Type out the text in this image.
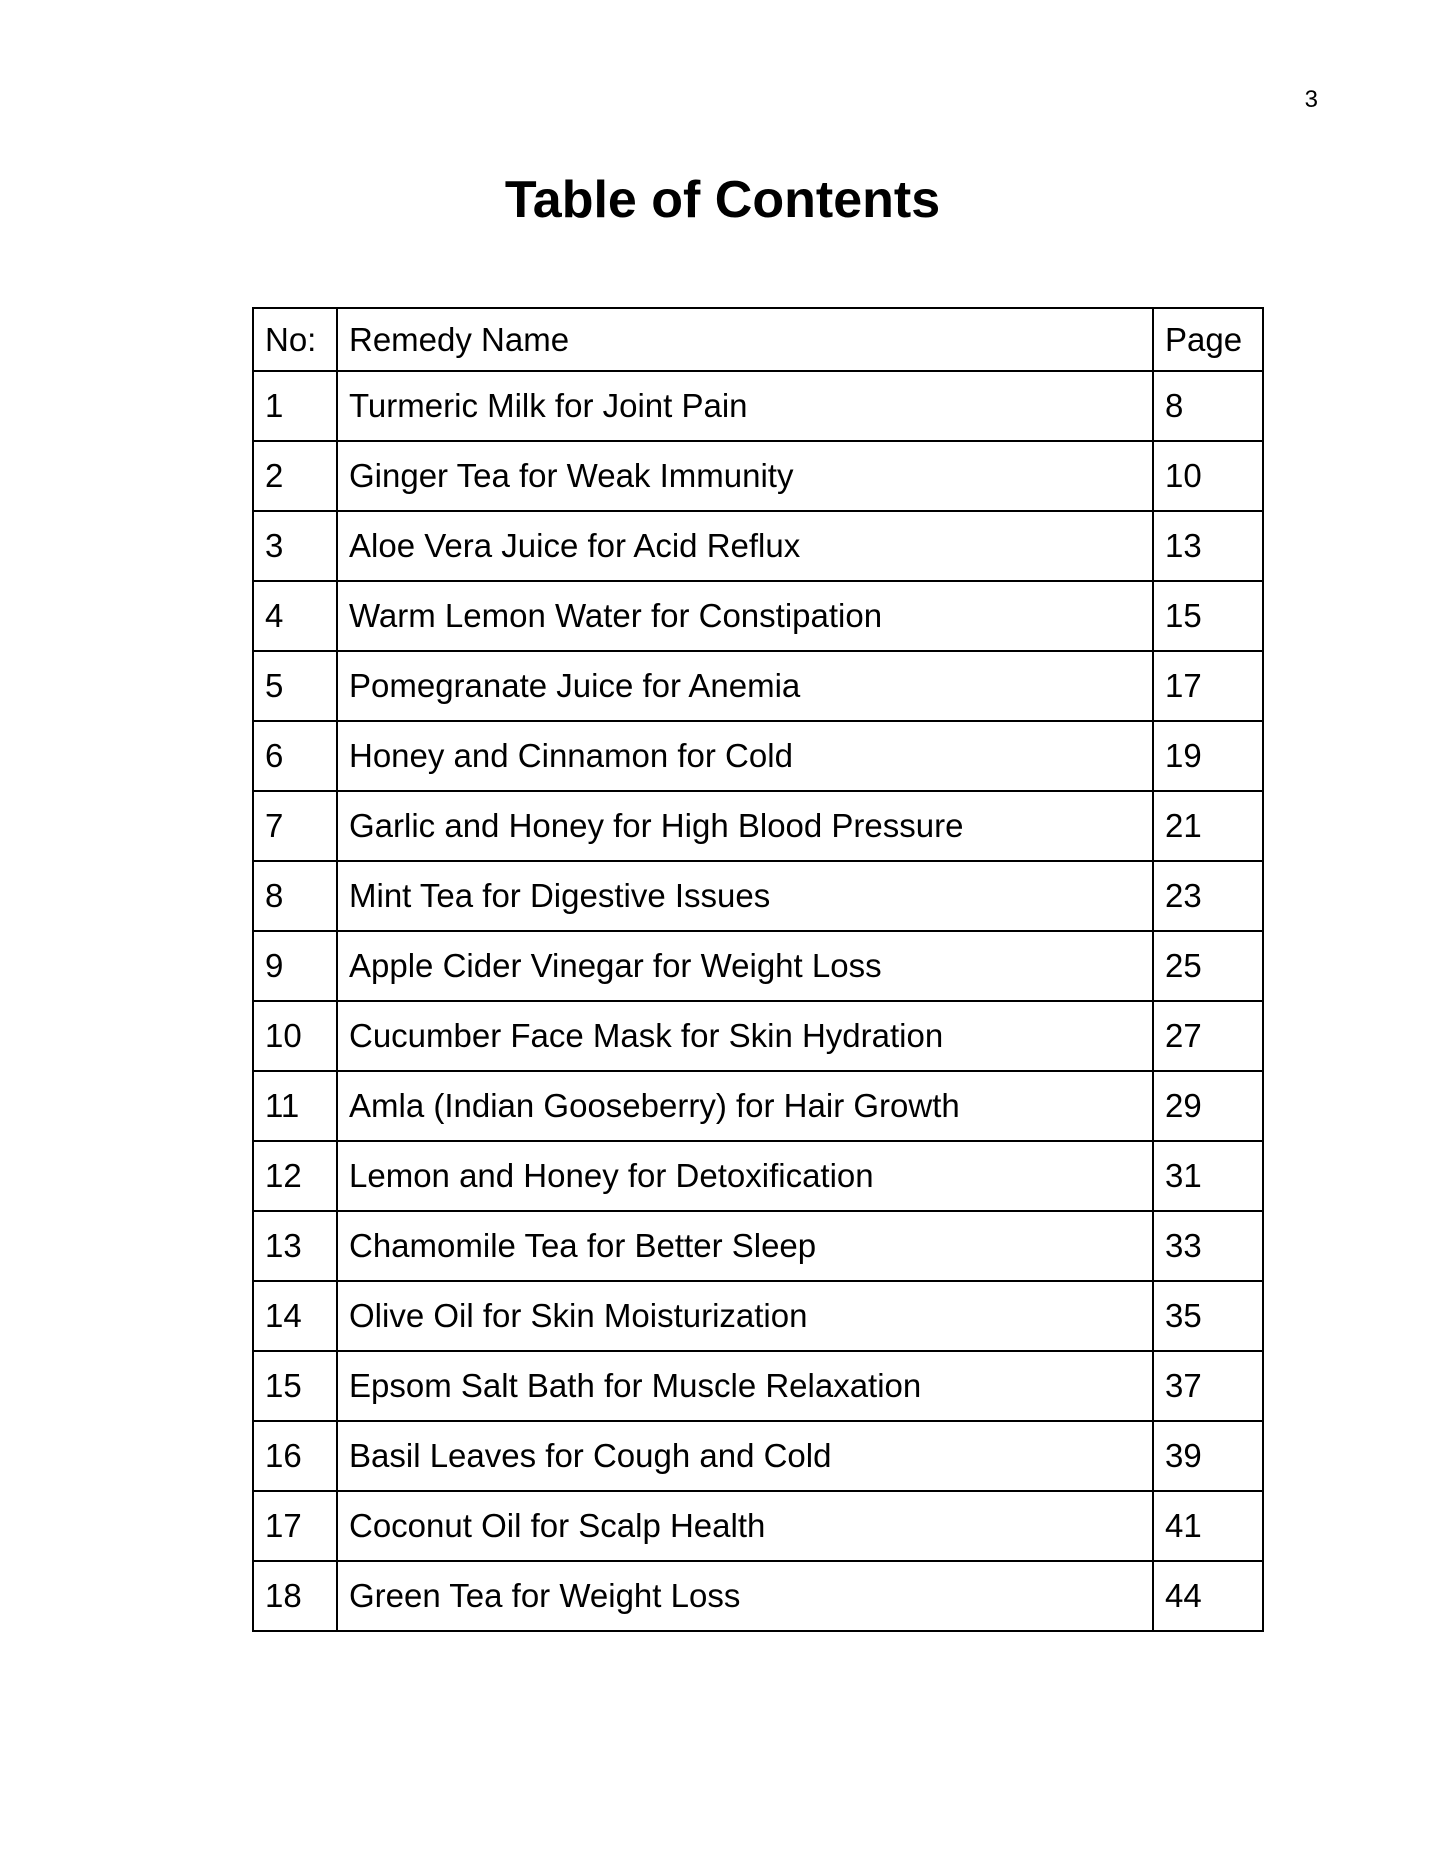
3
Table of Contents
No:	Remedy Name	Page
1	Turmeric Milk for Joint Pain	8
2	Ginger Tea for Weak Immunity	10
3	Aloe Vera Juice for Acid Reflux	13
4	Warm Lemon Water for Constipation	15
5	Pomegranate Juice for Anemia	17
6	Honey and Cinnamon for Cold	19
7	Garlic and Honey for High Blood Pressure	21
8	Mint Tea for Digestive Issues	23
9	Apple Cider Vinegar for Weight Loss	25
10	Cucumber Face Mask for Skin Hydration	27
11	Amla (Indian Gooseberry) for Hair Growth	29
12	Lemon and Honey for Detoxification	31
13	Chamomile Tea for Better Sleep	33
14	Olive Oil for Skin Moisturization	35
15	Epsom Salt Bath for Muscle Relaxation	37
16	Basil Leaves for Cough and Cold	39
17	Coconut Oil for Scalp Health	41
18	Green Tea for Weight Loss	44
